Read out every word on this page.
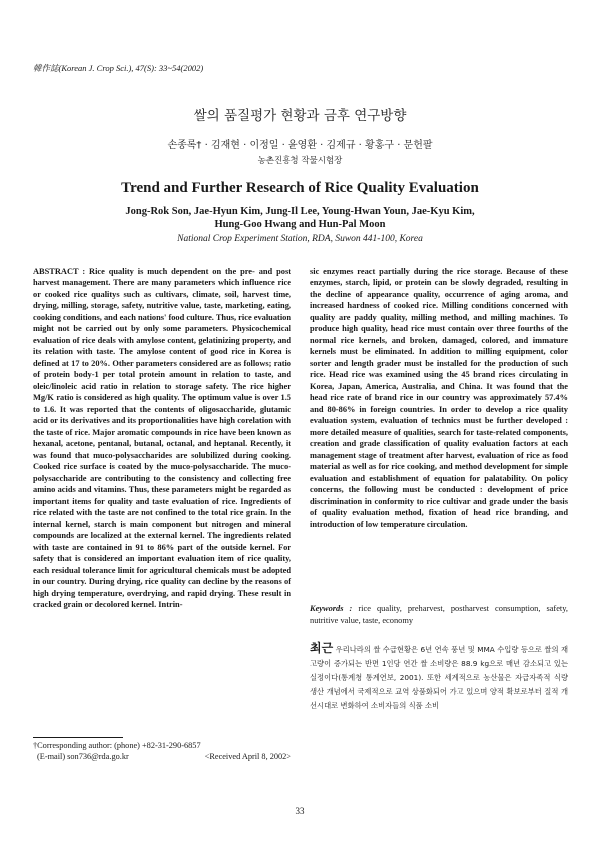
韓作誌(Korean J. Crop Sci.), 47(S): 33~54(2002)
쌀의 품질평가 현황과 금후 연구방향
손종록† · 김재현 · 이정일 · 윤영환 · 김제규 · 황홍구 · 문헌팔
농촌진흥청 작물시험장
Trend and Further Research of Rice Quality Evaluation
Jong-Rok Son, Jae-Hyun Kim, Jung-Il Lee, Young-Hwan Youn, Jae-Kyu Kim,
Hung-Goo Hwang and Hun-Pal Moon
National Crop Experiment Station, RDA, Suwon 441-100, Korea

ABSTRACT : Rice quality is much dependent on the pre- and post harvest management. There are many parameters which influence rice or cooked rice qualitys such as cultivars, climate, soil, harvest time, drying, milling, storage, safety, nutritive value, taste, marketing, eating, cooking conditions, and each nations' food culture. Thus, rice evaluation might not be carried out by only some parameters. Physicochemical evaluation of rice deals with amylose content, gelatinizing property, and its relation with taste. The amylose content of good rice in Korea is defined at 17 to 20%. Other parameters considered are as follows; ratio of protein body-1 per total protein amount in relation to taste, and oleic/linoleic acid ratio in relation to storage safety. The rice higher Mg/K ratio is considered as high quality. The optimum value is over 1.5 to 1.6. It was reported that the contents of oligosaccharide, glutamic acid or its derivatives and its proportionalities have high corelation with the taste of rice. Major aromatic compounds in rice have been known as hexanal, acetone, pentanal, butanal, octanal, and heptanal. Recently, it was found that muco-polysaccharides are solubilized during cooking. Cooked rice surface is coated by the muco-polysaccharide. The muco-polysaccharide are contributing to the consistency and collecting free amino acids and vitamins. Thus, these parameters might be regarded as important items for quality and taste evaluation of rice. Ingredients of rice related with the taste are not confined to the total rice grain. In the internal kernel, starch is main component but nitrogen and mineral compounds are localized at the external kernel. The ingredients related with taste are contained in 91 to 86% part of the outside kernel. For safety that is considered an important evaluation item of rice quality, each residual tolerance limit for agricultural chemicals must be adopted in our country. During drying, rice quality can decline by the reasons of high drying temperature, overdrying, and rapid drying. These result in cracked grain or decolored kernel. Intrin-

sic enzymes react partially during the rice storage. Because of these enzymes, starch, lipid, or protein can be slowly degraded, resulting in the decline of appearance quality, occurrence of aging aroma, and increased hardness of cooked rice. Milling conditions concerned with quality are paddy quality, milling method, and milling machines. To produce high quality, head rice must contain over three fourths of the normal rice kernels, and broken, damaged, colored, and immature kernels must be eliminated. In addition to milling equipment, color sorter and length grader must be installed for the production of such rice. Head rice was examined using the 45 brand rices circulating in Korea, Japan, America, Australia, and China. It was found that the head rice rate of brand rice in our country was approximately 57.4% and 80-86% in foreign countries. In order to develop a rice quality evaluation system, evaluation of technics must be further developed : more detailed measure of qualities, search for taste-related components, creation and grade classification of quality evaluation factors at each management stage of treatment after harvest, evaluation of rice as food material as well as for rice cooking, and method development for simple evaluation and establishment of equation for palatability. On policy concerns, the following must be conducted : development of price discrimination in conformity to rice cultivar and grade under the basis of quality evaluation method, fixation of head rice branding, and introduction of low temperature circulation.

Keywords : rice quality, preharvest, postharvest consumption, safety, nutritive value, taste, economy
최근 우리나라의 쌀 수급현황은 6년 연속 풍년 및 MMA 수입량 등으로 쌀의 재고량이 증가되는 반면 1인당 연간 쌀 소비량은 88.9 kg으로 매년 감소되고 있는 실정이다(통계청 통계연보, 2001). 또한 세계적으로 농산물은 자급자족적 식량 생산 개념에서 국제적으로 교역 상품화되어 가고 있으며 양적 확보로부터 질적 개선시대로 변화하여 소비자들의 식품 소비
†Corresponding author: (phone) +82-31-290-6857
(E-mail) son736@rda.go.kr	<Received April 8, 2002>
33
